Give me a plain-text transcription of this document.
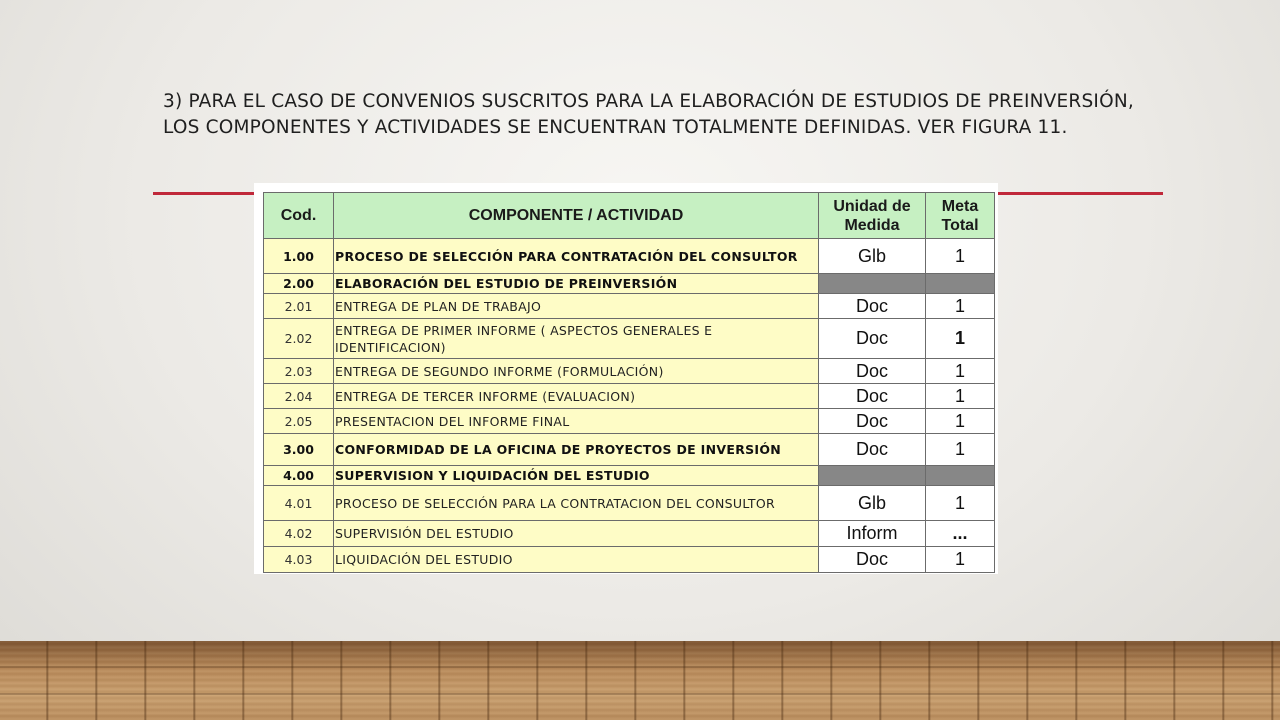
3) PARA EL CASO DE CONVENIOS SUSCRITOS PARA LA ELABORACIÓN DE ESTUDIOS DE PREINVERSIÓN, LOS COMPONENTES Y ACTIVIDADES SE ENCUENTRAN TOTALMENTE DEFINIDAS. VER FIGURA 11.

Cod.	COMPONENTE / ACTIVIDAD	Unidad de Medida	Meta Total
1.00	PROCESO DE SELECCIÓN PARA CONTRATACIÓN DEL CONSULTOR	Glb	1
2.00	ELABORACIÓN DEL ESTUDIO DE PREINVERSIÓN		
2.01	ENTREGA DE PLAN DE TRABAJO	Doc	1
2.02	ENTREGA DE PRIMER INFORME ( ASPECTOS GENERALES E IDENTIFICACION)	Doc	1
2.03	ENTREGA DE SEGUNDO INFORME (FORMULACIÓN)	Doc	1
2.04	ENTREGA DE TERCER INFORME (EVALUACION)	Doc	1
2.05	PRESENTACION DEL INFORME FINAL	Doc	1
3.00	CONFORMIDAD DE LA OFICINA DE PROYECTOS DE INVERSIÓN	Doc	1
4.00	SUPERVISION Y LIQUIDACIÓN DEL ESTUDIO		
4.01	PROCESO DE SELECCIÓN PARA LA CONTRATACION DEL CONSULTOR	Glb	1
4.02	SUPERVISIÓN DEL ESTUDIO	Inform	...
4.03	LIQUIDACIÓN DEL ESTUDIO	Doc	1
